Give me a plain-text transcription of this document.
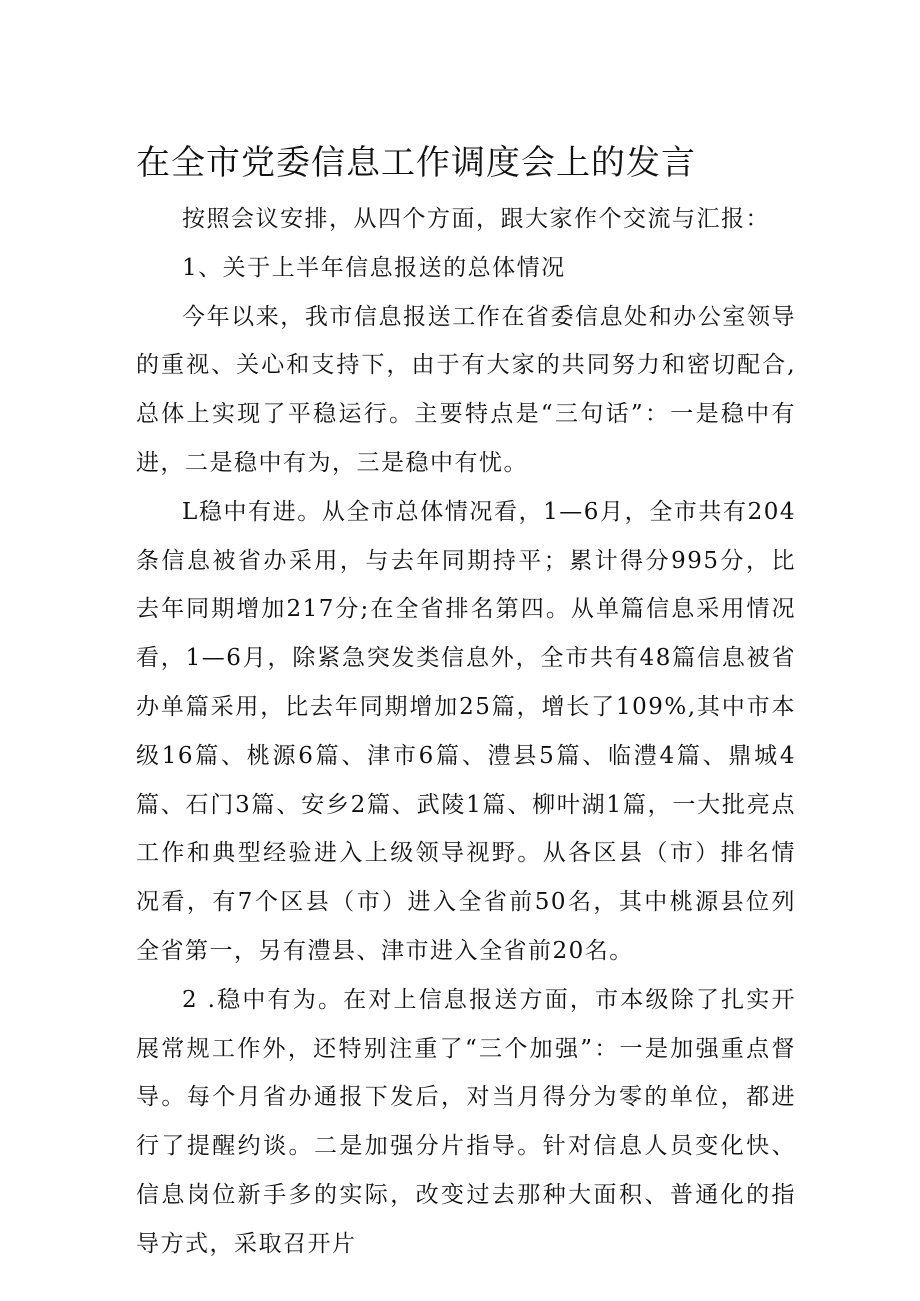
在全市党委信息工作调度会上的发言

按照会议安排，从四个方面，跟大家作个交流与汇报：

1、关于上半年信息报送的总体情况

今年以来，我市信息报送工作在省委信息处和办公室领导的重视、关心和支持下，由于有大家的共同努力和密切配合,总体上实现了平稳运行。主要特点是“三句话”：一是稳中有进，二是稳中有为，三是稳中有忧。

L稳中有进。从全市总体情况看，1—6月，全市共有204条信息被省办采用，与去年同期持平；累计得分995分，比去年同期增加217分;在全省排名第四。从单篇信息采用情况看，1—6月，除紧急突发类信息外，全市共有48篇信息被省办单篇采用，比去年同期增加25篇，增长了109%,其中市本级16篇、桃源6篇、津市6篇、澧县5篇、临澧4篇、鼎城4篇、石门3篇、安乡2篇、武陵1篇、柳叶湖1篇，一大批亮点工作和典型经验进入上级领导视野。从各区县（市）排名情况看，有7个区县（市）进入全省前50名，其中桃源县位列全省第一，另有澧县、津市进入全省前20名。

2 .稳中有为。在对上信息报送方面，市本级除了扎实开展常规工作外，还特别注重了“三个加强”：一是加强重点督导。每个月省办通报下发后，对当月得分为零的单位，都进行了提醒约谈。二是加强分片指导。针对信息人员变化快、信息岗位新手多的实际，改变过去那种大面积、普通化的指导方式，采取召开片
